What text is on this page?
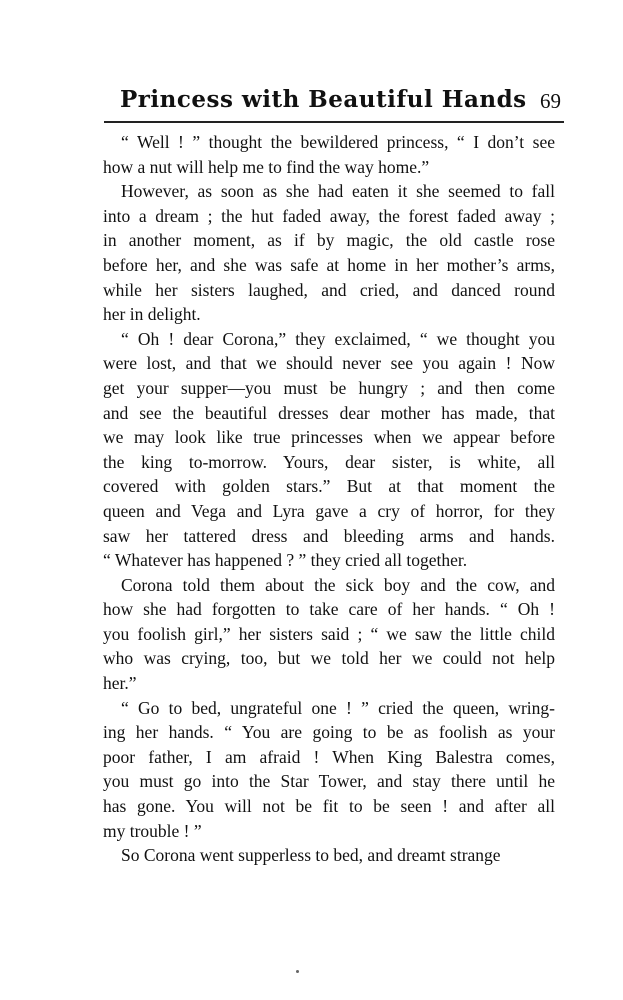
Princess with Beautiful Hands 69
“ Well ! ” thought the bewildered princess, “ I don’t see
how a nut will help me to find the way home.”
However, as soon as she had eaten it she seemed to fall
into a dream ; the hut faded away, the forest faded away ;
in another moment, as if by magic, the old castle rose
before her, and she was safe at home in her mother’s arms,
while her sisters laughed, and cried, and danced round
her in delight.
“ Oh ! dear Corona,” they exclaimed, “ we thought you
were lost, and that we should never see you again ! Now
get your supper—you must be hungry ; and then come
and see the beautiful dresses dear mother has made, that
we may look like true princesses when we appear before
the king to-morrow. Yours, dear sister, is white, all
covered with golden stars.” But at that moment the
queen and Vega and Lyra gave a cry of horror, for they
saw her tattered dress and bleeding arms and hands.
“ Whatever has happened ? ” they cried all together.
Corona told them about the sick boy and the cow, and
how she had forgotten to take care of her hands. “ Oh !
you foolish girl,” her sisters said ; “ we saw the little child
who was crying, too, but we told her we could not help
her.”
“ Go to bed, ungrateful one ! ” cried the queen, wring-
ing her hands. “ You are going to be as foolish as your
poor father, I am afraid ! When King Balestra comes,
you must go into the Star Tower, and stay there until he
has gone. You will not be fit to be seen ! and after all
my trouble ! ”
So Corona went supperless to bed, and dreamt strange
